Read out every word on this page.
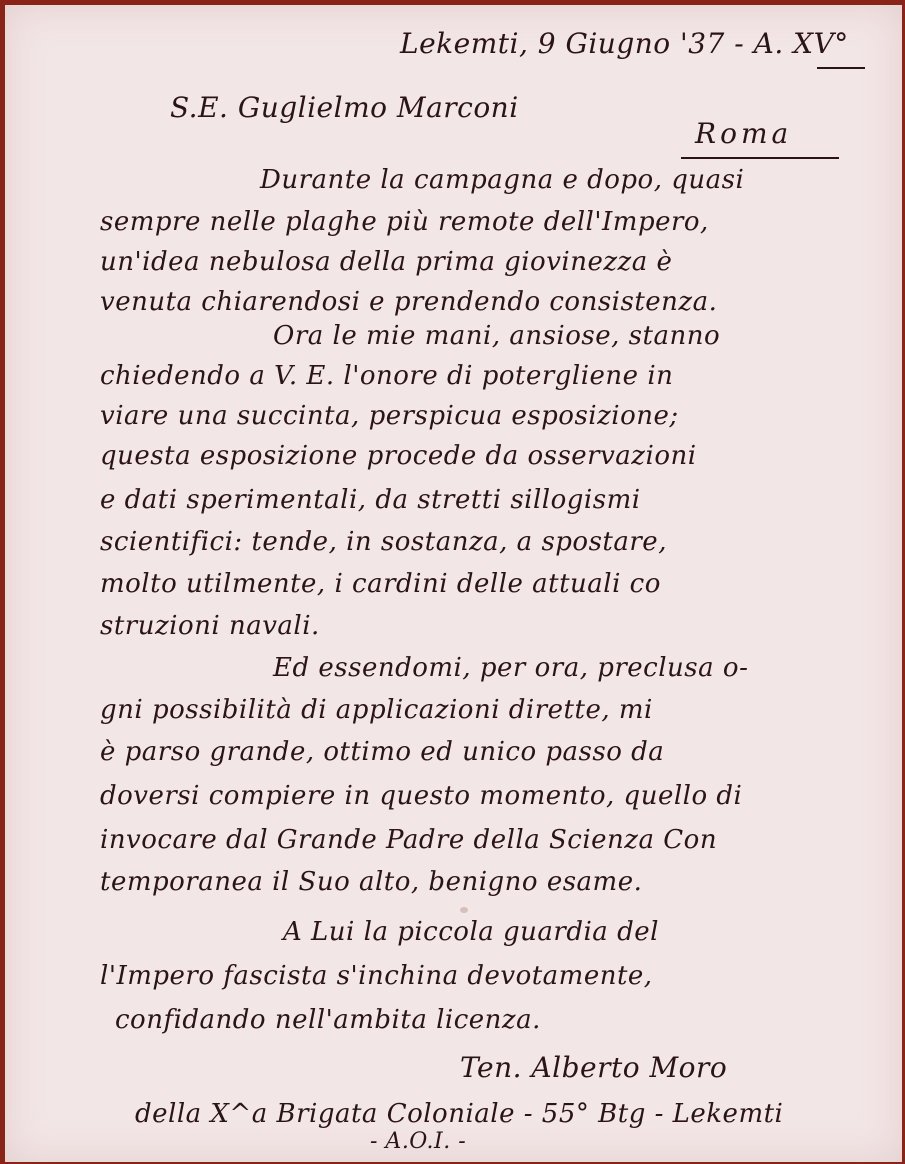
Lekemti, 9 Giugno '37 - A. XV°

S.E. Guglielmo Marconi

Roma

Durante la campagna e dopo, quasi

sempre nelle plaghe più remote dell'Impero,

un'idea nebulosa della prima giovinezza è

venuta chiarendosi e prendendo consistenza.

Ora le mie mani, ansiose, stanno

chiedendo a V. E. l'onore di potergliene in

viare una succinta, perspicua esposizione;

questa esposizione procede da osservazioni

e dati sperimentali, da stretti sillogismi

scientifici: tende, in sostanza, a spostare,

molto utilmente, i cardini delle attuali co

struzioni navali.

Ed essendomi, per ora, preclusa o-

gni possibilità di applicazioni dirette, mi

è parso grande, ottimo ed unico passo da

doversi compiere in questo momento, quello di

invocare dal Grande Padre della Scienza Con

temporanea il Suo alto, benigno esame.

A Lui la piccola guardia del

l'Impero fascista s'inchina devotamente,

confidando nell'ambita licenza.

Ten. Alberto Moro

della X^a Brigata Coloniale - 55° Btg - Lekemti

- A.O.I. -
